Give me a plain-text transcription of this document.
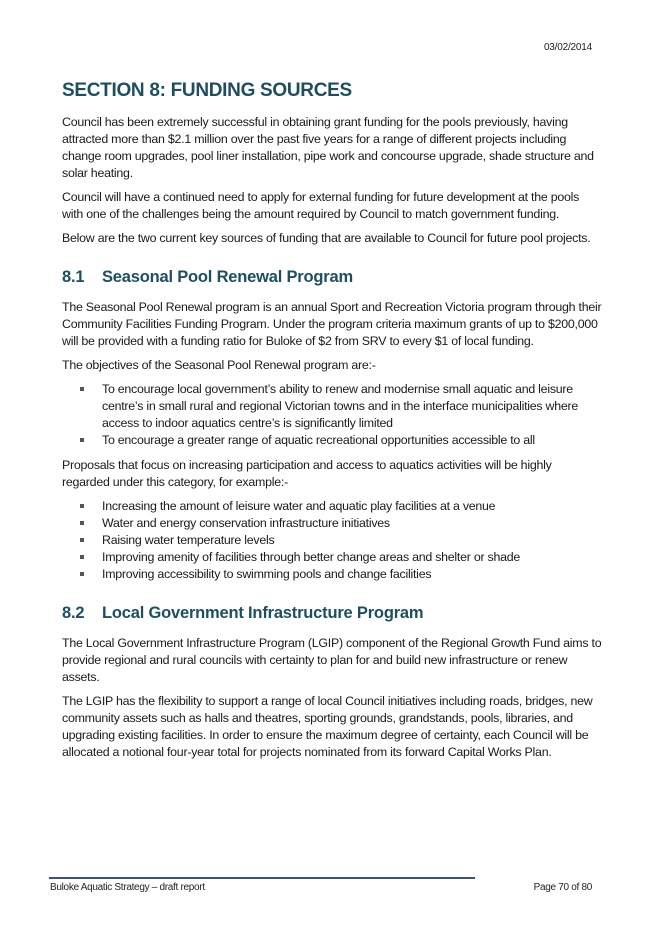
03/02/2014
SECTION 8: FUNDING SOURCES

Council has been extremely successful in obtaining grant funding for the pools previously, having attracted more than $2.1 million over the past five years for a range of different projects including change room upgrades, pool liner installation, pipe work and concourse upgrade, shade structure and solar heating.

Council will have a continued need to apply for external funding for future development at the pools with one of the challenges being the amount required by Council to match government funding.

Below are the two current key sources of funding that are available to Council for future pool projects.

8.1	Seasonal Pool Renewal Program

The Seasonal Pool Renewal program is an annual Sport and Recreation Victoria program through their Community Facilities Funding Program. Under the program criteria maximum grants of up to $200,000 will be provided with a funding ratio for Buloke of $2 from SRV to every $1 of local funding.

The objectives of the Seasonal Pool Renewal program are:-

To encourage local government’s ability to renew and modernise small aquatic and leisure centre’s in small rural and regional Victorian towns and in the interface municipalities where access to indoor aquatics centre’s is significantly limited
To encourage a greater range of aquatic recreational opportunities accessible to all

Proposals that focus on increasing participation and access to aquatics activities will be highly regarded under this category, for example:-

Increasing the amount of leisure water and aquatic play facilities at a venue
Water and energy conservation infrastructure initiatives
Raising water temperature levels
Improving amenity of facilities through better change areas and shelter or shade
Improving accessibility to swimming pools and change facilities
8.2	Local Government Infrastructure Program

The Local Government Infrastructure Program (LGIP) component of the Regional Growth Fund aims to provide regional and rural councils with certainty to plan for and build new infrastructure or renew assets.

The LGIP has the flexibility to support a range of local Council initiatives including roads, bridges, new community assets such as halls and theatres, sporting grounds, grandstands, pools, libraries, and upgrading existing facilities. In order to ensure the maximum degree of certainty, each Council will be allocated a notional four-year total for projects nominated from its forward Capital Works Plan.

Buloke Aquatic Strategy – draft report	Page 70 of 80
